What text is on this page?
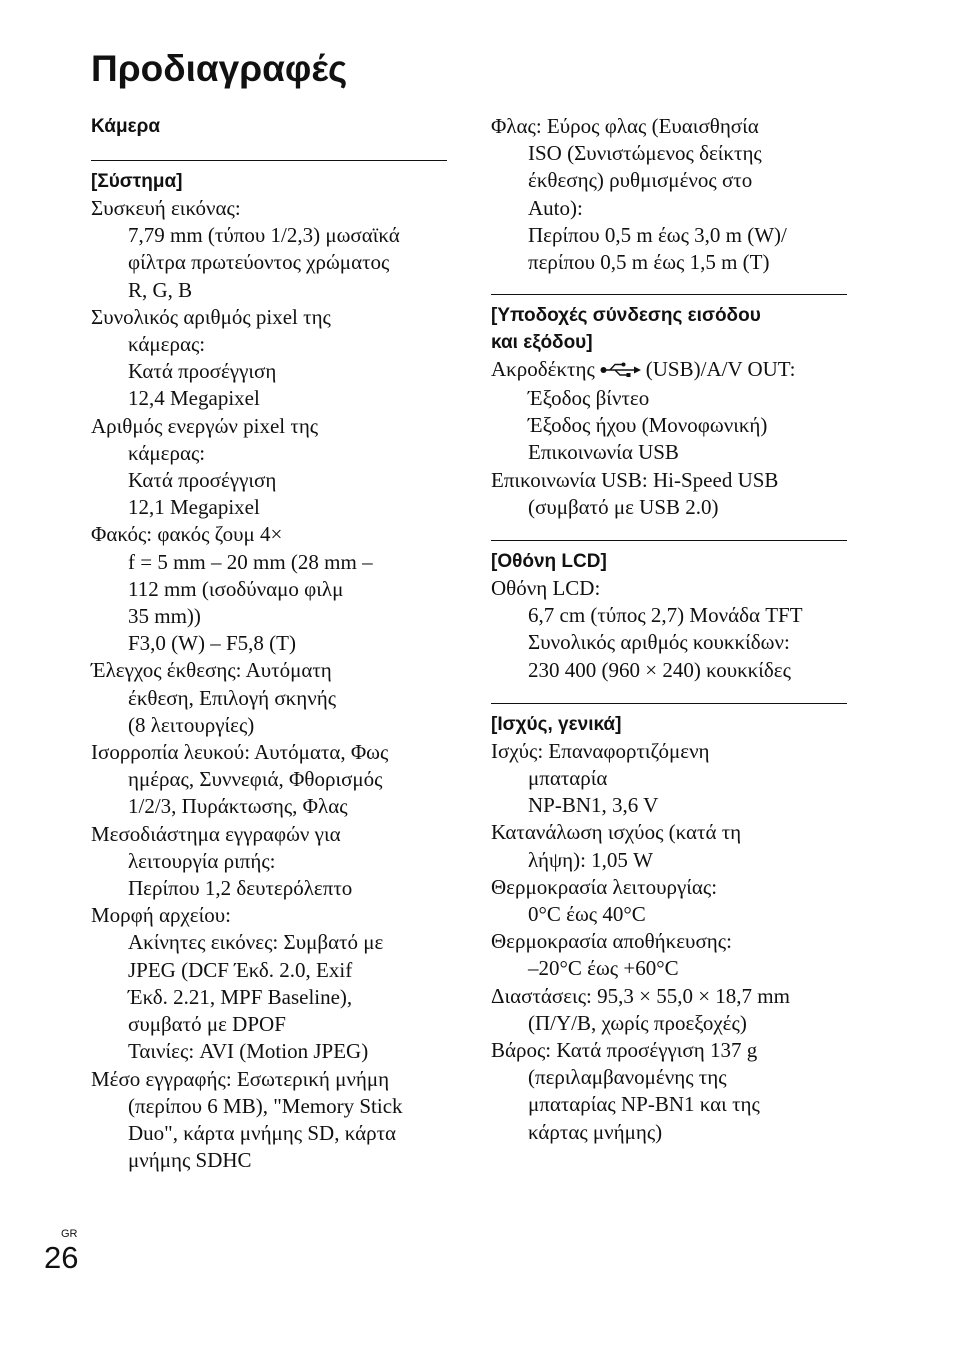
Προδιαγραφές
Κάμερα
[Σύστημα]
Συσκευή εικόνας:
7,79 mm (τύπου 1/2,3) μωσαϊκά
φίλτρα πρωτεύοντος χρώματος
R, G, B
Συνολικός αριθμός pixel της
κάμερας:
Κατά προσέγγιση
12,4 Megapixel
Αριθμός ενεργών pixel της
κάμερας:
Κατά προσέγγιση
12,1 Megapixel
Φακός: φακός ζουμ 4×
f = 5 mm – 20 mm (28 mm –
112 mm (ισοδύναμο φιλμ
35 mm))
F3,0 (W) – F5,8 (T)
Έλεγχος έκθεσης: Αυτόματη
έκθεση, Επιλογή σκηνής
(8 λειτουργίες)
Ισορροπία λευκού: Αυτόματα, Φως
ημέρας, Συννεφιά, Φθορισμός
1/2/3, Πυράκτωσης, Φλας
Μεσοδιάστημα εγγραφών για
λειτουργία ριπής:
Περίπου 1,2 δευτερόλεπτο
Μορφή αρχείου:
Ακίνητες εικόνες: Συμβατό με
JPEG (DCF Έκδ. 2.0, Exif
Έκδ. 2.21, MPF Baseline),
συμβατό με DPOF
Ταινίες: AVI (Motion JPEG)
Μέσο εγγραφής: Εσωτερική μνήμη
(περίπου 6 MB), "Memory Stick
Duo", κάρτα μνήμης SD, κάρτα
μνήμης SDHC
Φλας: Εύρος φλας (Ευαισθησία
ISO (Συνιστώμενος δείκτης
έκθεσης) ρυθμισμένος στο
Auto):
Περίπου 0,5 m έως 3,0 m (W)/
περίπου 0,5 m έως 1,5 m (T)
[Υποδοχές σύνδεσης εισόδου
και εξόδου]
Ακροδέκτης (USB)/A/V OUT:
Έξοδος βίντεο
Έξοδος ήχου (Μονοφωνική)
Επικοινωνία USB
Επικοινωνία USB: Hi-Speed USB
(συμβατό με USB 2.0)
[Οθόνη LCD]
Οθόνη LCD:
6,7 cm (τύπος 2,7) Μονάδα TFT
Συνολικός αριθμός κουκκίδων:
230 400 (960 × 240) κουκκίδες
[Ισχύς, γενικά]
Ισχύς: Επαναφορτιζόμενη
μπαταρία
NP-BN1, 3,6 V
Κατανάλωση ισχύος (κατά τη
λήψη): 1,05 W
Θερμοκρασία λειτουργίας:
0°C έως 40°C
Θερμοκρασία αποθήκευσης:
–20°C έως +60°C
Διαστάσεις: 95,3 × 55,0 × 18,7 mm
(Π/Υ/Β, χωρίς προεξοχές)
Βάρος: Κατά προσέγγιση 137 g
(περιλαμβανομένης της
μπαταρίας NP-BN1 και της
κάρτας μνήμης)
GR
26
